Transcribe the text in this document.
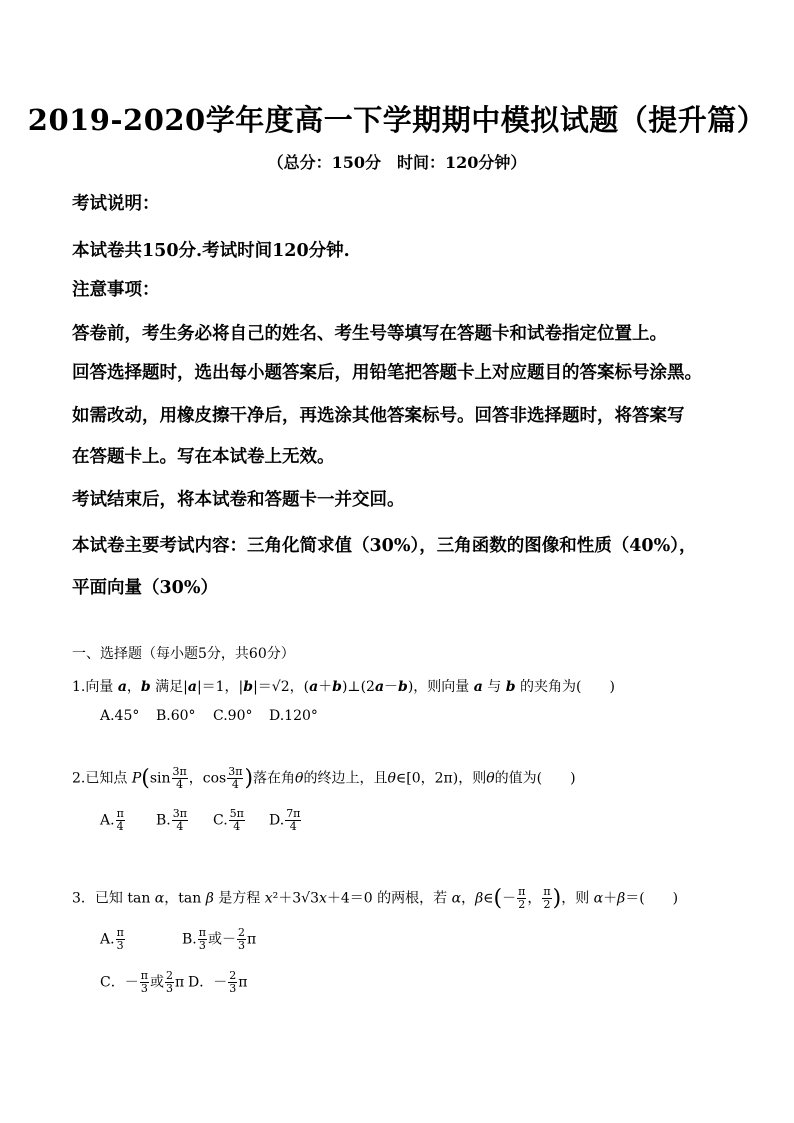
2019-2020学年度高一下学期期中模拟试题（提升篇）
（总分：150分　时间：120分钟）
考试说明：
本试卷共150分.考试时间120分钟.
注意事项：
答卷前，考生务必将自己的姓名、考生号等填写在答题卡和试卷指定位置上。
回答选择题时，选出每小题答案后，用铅笔把答题卡上对应题目的答案标号涂黑。
如需改动，用橡皮擦干净后，再选涂其他答案标号。回答非选择题时，将答案写
在答题卡上。写在本试卷上无效。
考试结束后，将本试卷和答题卡一并交回。
本试卷主要考试内容：三角化简求值（30%），三角函数的图像和性质（40%），
平面向量（30%）
一、选择题（每小题5分，共60分）
1.向量 a，b 满足|a|＝1，|b|＝√2，(a＋b)⊥(2a－b)，则向量 a 与 b 的夹角为(　　)
A.45° B.60° C.90° D.120°
2.已知点 $P(\sin \frac{3\pi}{4}$ ，$\cos \frac{3\pi}{4}$ )落在角θ的终边上，且θ∈[0，2π)，则θ的值为(　　)
A. $\frac{\pi}{4} B$. $\frac{3\pi}{4} C$. $\frac{5\pi}{4} D$. $\frac{7\pi}{4}$
3．已知 tan α，tan β 是方程 x²＋3√3x＋4＝0 的两根，若 α，β∈(－ $\frac{\pi}{2}$ ， $\frac{\pi}{2}$ )，则 α＋β＝(　　)
A. $\frac{\pi}{3}$	B. $\frac{\pi}{3}$ 或－ $\frac{2}{3}$ π
C．－ $\frac{\pi}{3}$ 或 $\frac{2}{3}$ π D．－ $\frac{2}{3}$ π
